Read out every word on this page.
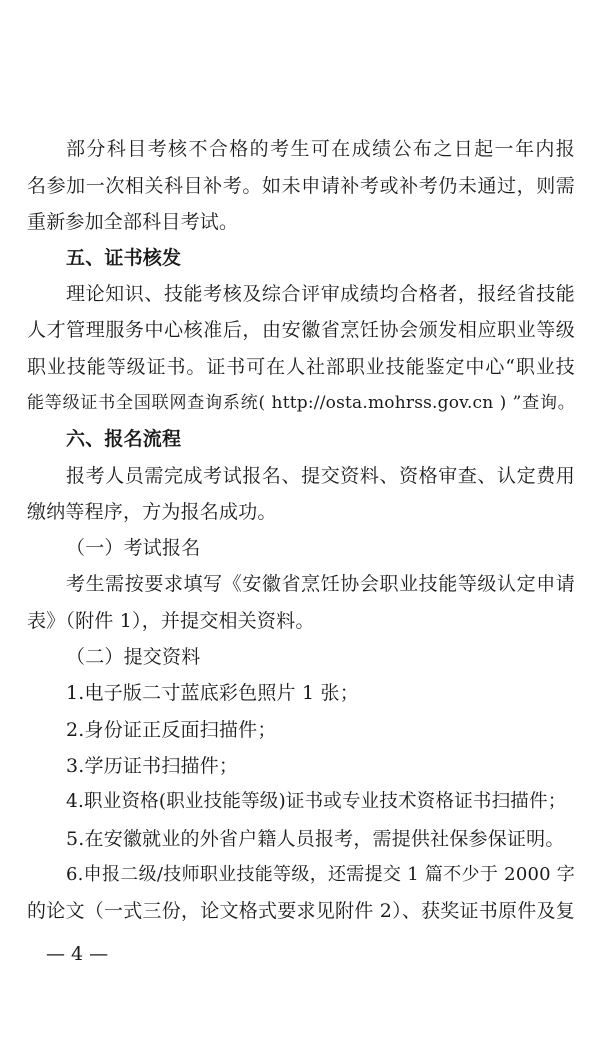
部分科目考核不合格的考生可在成绩公布之日起一年内报
名参加一次相关科目补考。如未申请补考或补考仍未通过，则需
重新参加全部科目考试。
五、证书核发
理论知识、技能考核及综合评审成绩均合格者，报经省技能
人才管理服务中心核准后，由安徽省烹饪协会颁发相应职业等级
职业技能等级证书。证书可在人社部职业技能鉴定中心“职业技
能等级证书全国联网查询系统( http://osta.mohrss.gov.cn ) ”查询。
六、报名流程
报考人员需完成考试报名、提交资料、资格审查、认定费用
缴纳等程序，方为报名成功。
（一）考试报名
考生需按要求填写《安徽省烹饪协会职业技能等级认定申请
表》（附件 1），并提交相关资料。
（二）提交资料
1.电子版二寸蓝底彩色照片 1 张；
2.身份证正反面扫描件；
3.学历证书扫描件；
4.职业资格(职业技能等级)证书或专业技术资格证书扫描件；
5.在安徽就业的外省户籍人员报考，需提供社保参保证明。
6.申报二级/技师职业技能等级，还需提交 1 篇不少于 2000 字
的论文（一式三份，论文格式要求见附件 2）、获奖证书原件及复
— 4 —
